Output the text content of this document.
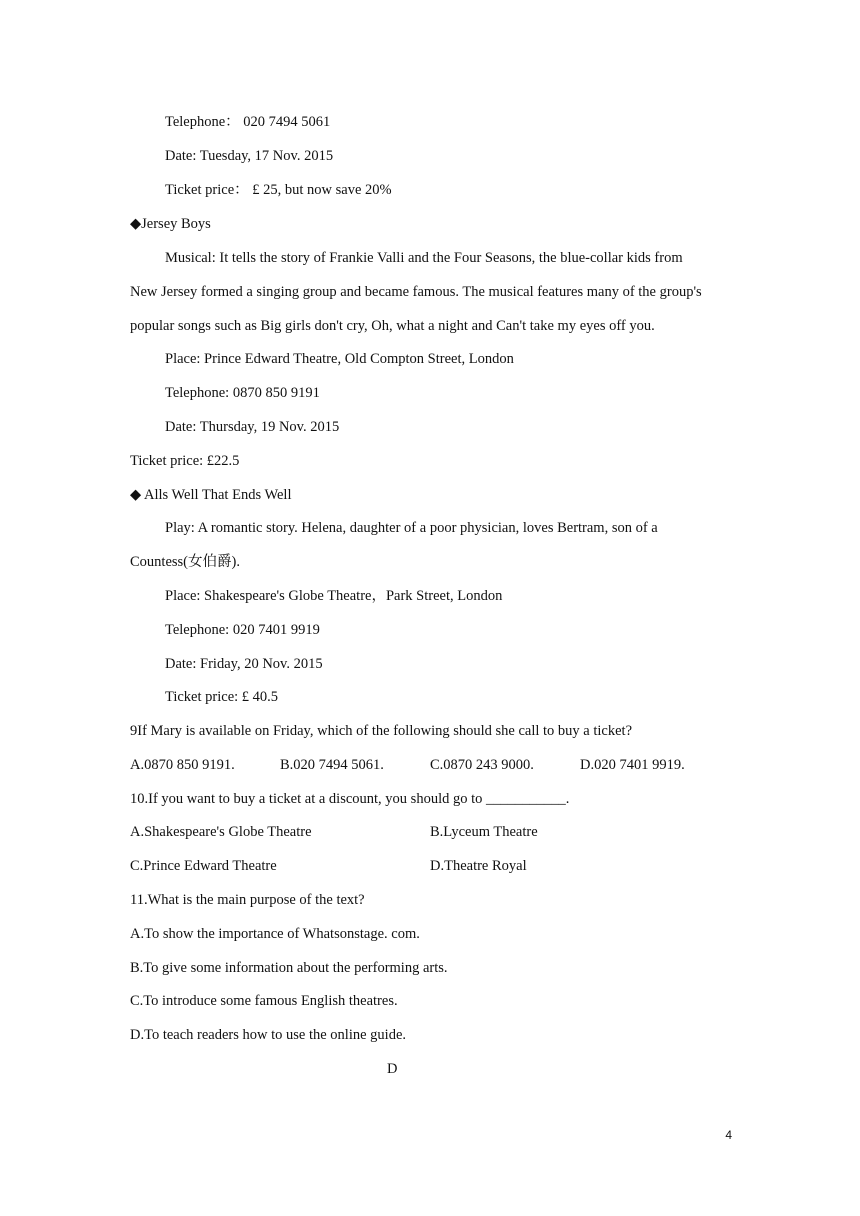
Telephone： 020 7494 5061
Date: Tuesday, 17 Nov. 2015
Ticket price： £ 25, but now save 20%
◆Jersey Boys
Musical: It tells the story of Frankie Valli and the Four Seasons, the blue-collar kids from
New Jersey formed a singing group and became famous. The musical features many of the group's
popular songs such as Big girls don't cry, Oh, what a night and Can't take my eyes off you.
Place: Prince Edward Theatre, Old Compton Street, London
Telephone: 0870 850 9191
Date: Thursday, 19 Nov. 2015
Ticket price: £22.5
◆ Alls Well That Ends Well
Play: A romantic story. Helena, daughter of a poor physician, loves Bertram, son of a
Countess(女伯爵).
Place: Shakespeare's Globe Theatre，Park Street, London
Telephone: 020 7401 9919
Date: Friday, 20 Nov. 2015
Ticket price: £ 40.5
9If Mary is available on Friday, which of the following should she call to buy a ticket?
A.0870 850 9191.	B.020 7494 5061.	C.0870 243 9000.	D.020 7401 9919.
10.If you want to buy a ticket at a discount, you should go to ___________.
A.Shakespeare's Globe Theatre	B.Lyceum Theatre
C.Prince Edward Theatre	D.Theatre Royal
11.What is the main purpose of the text?
A.To show the importance of Whatsonstage. com.
B.To give some information about the performing arts.
C.To introduce some famous English theatres.
D.To teach readers how to use the online guide.
D
4
